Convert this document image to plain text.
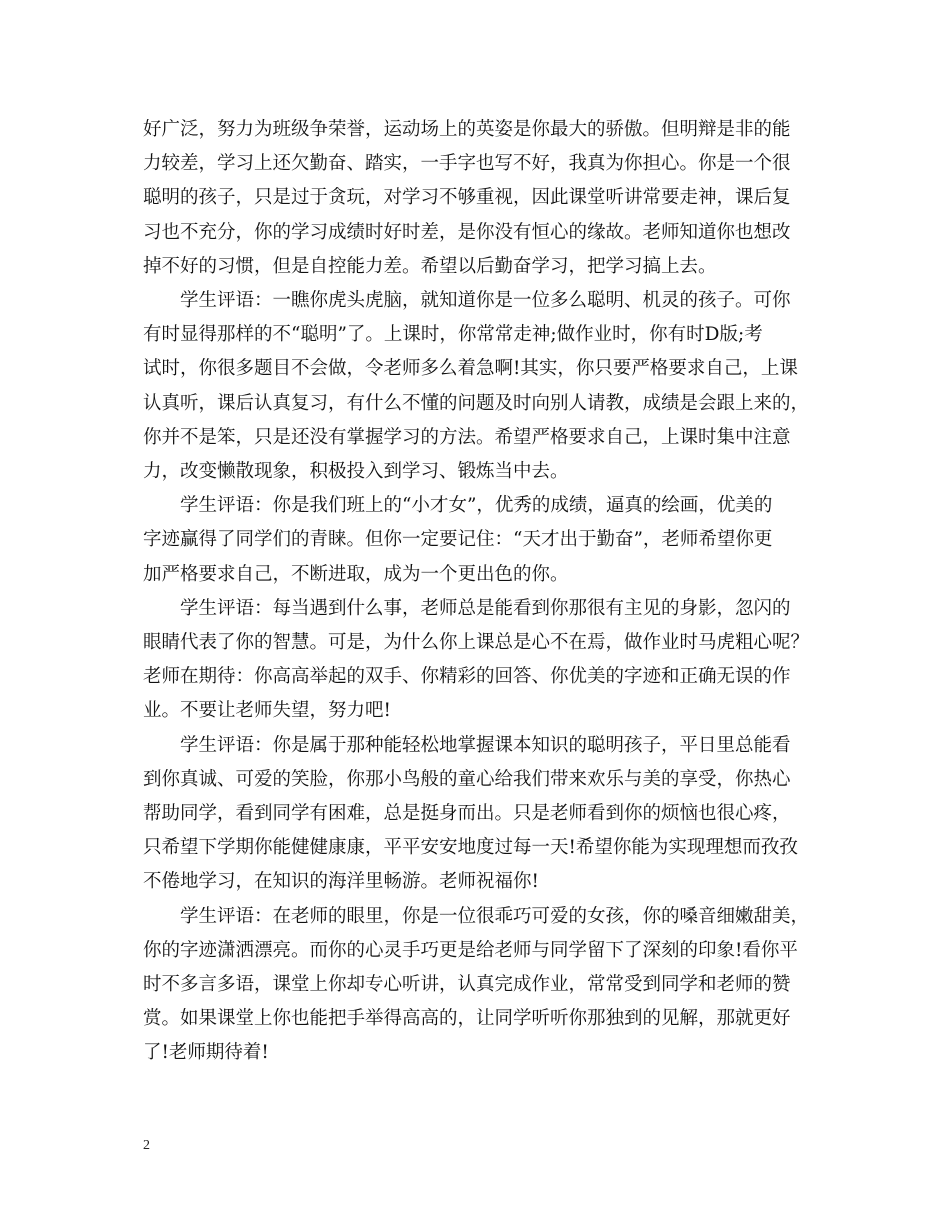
好广泛，努力为班级争荣誉，运动场上的英姿是你最大的骄傲。但明辩是非的能

力较差，学习上还欠勤奋、踏实，一手字也写不好，我真为你担心。你是一个很

聪明的孩子，只是过于贪玩，对学习不够重视，因此课堂听讲常要走神，课后复

习也不充分，你的学习成绩时好时差，是你没有恒心的缘故。老师知道你也想改

掉不好的习惯，但是自控能力差。希望以后勤奋学习，把学习搞上去。

学生评语：一瞧你虎头虎脑，就知道你是一位多么聪明、机灵的孩子。可你

有时显得那样的不“聪明”了。上课时，你常常走神;做作业时，你有时D版;考

试时，你很多题目不会做，令老师多么着急啊!其实，你只要严格要求自己，上课

认真听，课后认真复习，有什么不懂的问题及时向别人请教，成绩是会跟上来的，

你并不是笨，只是还没有掌握学习的方法。希望严格要求自己，上课时集中注意

力，改变懒散现象，积极投入到学习、锻炼当中去。

学生评语：你是我们班上的“小才女”，优秀的成绩，逼真的绘画，优美的

字迹赢得了同学们的青睐。但你一定要记住：“天才出于勤奋”，老师希望你更

加严格要求自己，不断进取，成为一个更出色的你。

学生评语：每当遇到什么事，老师总是能看到你那很有主见的身影，忽闪的

眼睛代表了你的智慧。可是，为什么你上课总是心不在焉，做作业时马虎粗心呢？

老师在期待：你高高举起的双手、你精彩的回答、你优美的字迹和正确无误的作

业。不要让老师失望，努力吧!

学生评语：你是属于那种能轻松地掌握课本知识的聪明孩子，平日里总能看

到你真诚、可爱的笑脸，你那小鸟般的童心给我们带来欢乐与美的享受，你热心

帮助同学，看到同学有困难，总是挺身而出。只是老师看到你的烦恼也很心疼，

只希望下学期你能健健康康，平平安安地度过每一天!希望你能为实现理想而孜孜

不倦地学习，在知识的海洋里畅游。老师祝福你!

学生评语：在老师的眼里，你是一位很乖巧可爱的女孩，你的嗓音细嫩甜美，

你的字迹潇洒漂亮。而你的心灵手巧更是给老师与同学留下了深刻的印象!看你平

时不多言多语，课堂上你却专心听讲，认真完成作业，常常受到同学和老师的赞

赏。如果课堂上你也能把手举得高高的，让同学听听你那独到的见解，那就更好

了!老师期待着!

2
